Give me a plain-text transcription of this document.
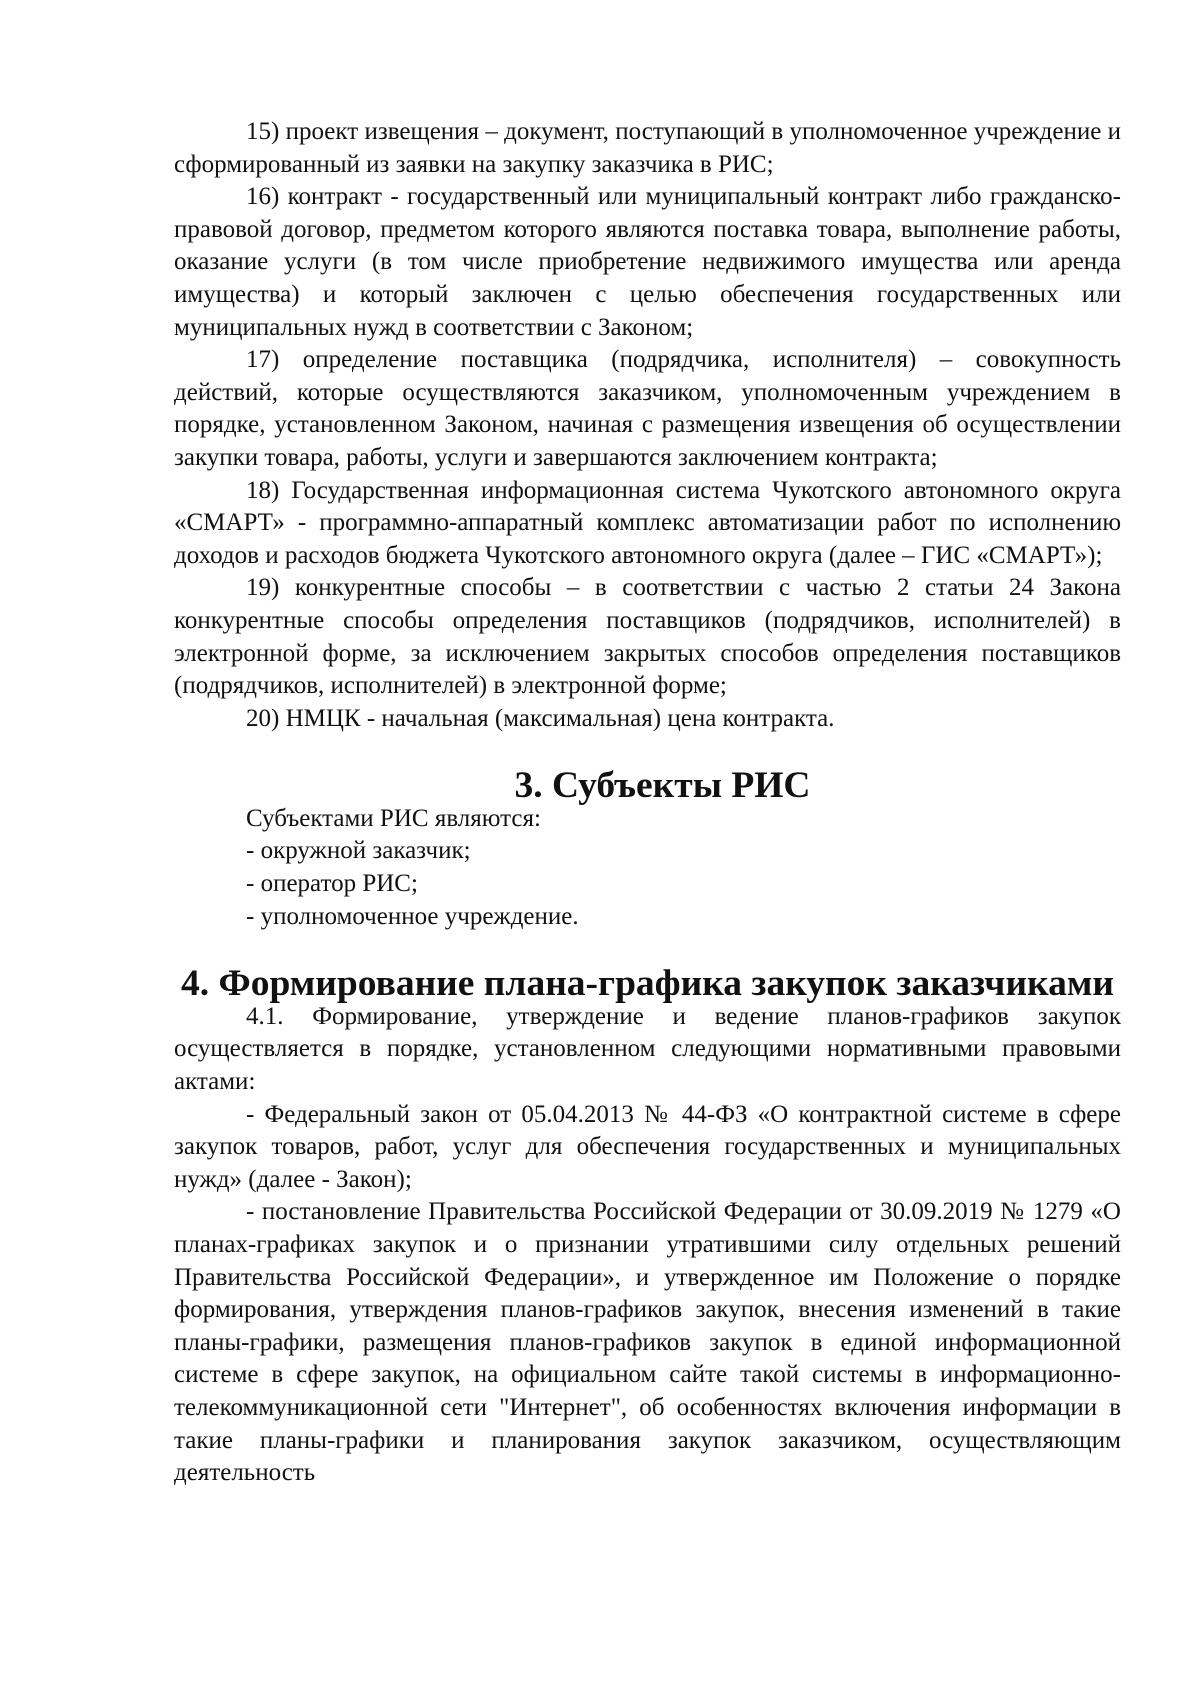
15) проект извещения – документ, поступающий в уполномоченное учреждение и сформированный из заявки на закупку заказчика в РИС;

16) контракт - государственный или муниципальный контракт либо гражданско-правовой договор, предметом которого являются поставка товара, выполнение работы, оказание услуги (в том числе приобретение недвижимого имущества или аренда имущества) и который заключен с целью обеспечения государственных или муниципальных нужд в соответствии с Законом;

17) определение поставщика (подрядчика, исполнителя) – совокупность действий, которые осуществляются заказчиком, уполномоченным учреждением в порядке, установленном Законом, начиная с размещения извещения об осуществлении закупки товара, работы, услуги и завершаются заключением контракта;

18) Государственная информационная система Чукотского автономного округа «СМАРТ» - программно-аппаратный комплекс автоматизации работ по исполнению доходов и расходов бюджета Чукотского автономного округа (далее – ГИС «СМАРТ»);

19) конкурентные способы – в соответствии с частью 2 статьи 24 Закона конкурентные способы определения поставщиков (подрядчиков, исполнителей) в электронной форме, за исключением закрытых способов определения поставщиков (подрядчиков, исполнителей) в электронной форме;

20) НМЦК - начальная (максимальная) цена контракта.

3. Субъекты РИС

Субъектами РИС являются:

- окружной заказчик;

- оператор РИС;

- уполномоченное учреждение.

4. Формирование плана-графика закупок заказчиками

4.1. Формирование, утверждение и ведение планов-графиков закупок осуществляется в порядке, установленном следующими нормативными правовыми актами:

- Федеральный закон от 05.04.2013 № 44-ФЗ «О контрактной системе в сфере закупок товаров, работ, услуг для обеспечения государственных и муниципальных нужд» (далее - Закон);

- постановление Правительства Российской Федерации от 30.09.2019 № 1279 «О планах-графиках закупок и о признании утратившими силу отдельных решений Правительства Российской Федерации», и утвержденное им Положение о порядке формирования, утверждения планов-графиков закупок, внесения изменений в такие планы-графики, размещения планов-графиков закупок в единой информационной системе в сфере закупок, на официальном сайте такой системы в информационно-телекоммуникационной сети "Интернет", об особенностях включения информации в такие планы-графики и планирования закупок заказчиком, осуществляющим деятельность
